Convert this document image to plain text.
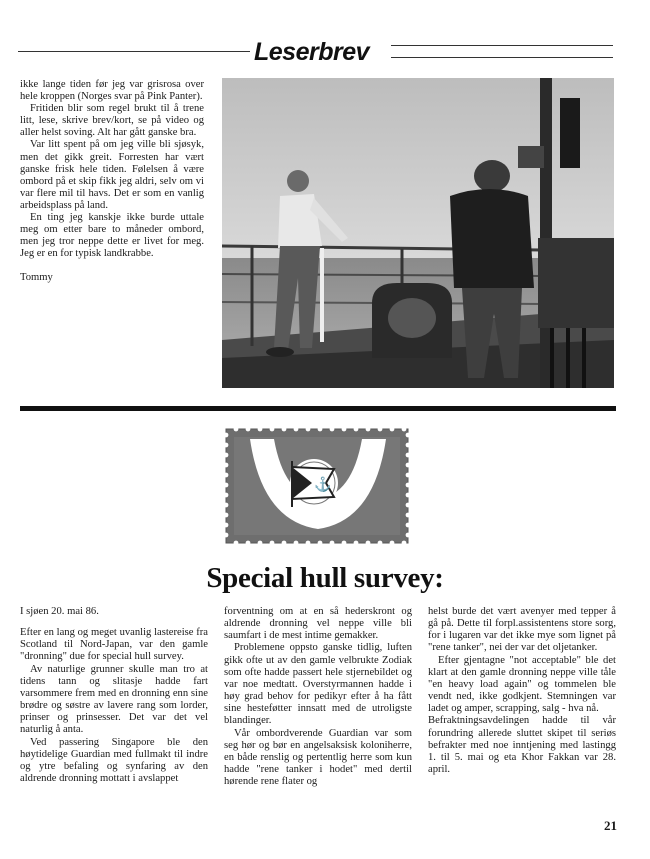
Leserbrev

ikke lange tiden før jeg var grisrosa over hele kroppen (Norges svar på Pink Panter).

Fritiden blir som regel brukt til å trene litt, lese, skrive brev/kort, se på video og aller helst soving. Alt har gått ganske bra.

Var litt spent på om jeg ville bli sjøsyk, men det gikk greit. Forresten har vært ganske frisk hele tiden. Følelsen å være ombord på et skip fikk jeg aldri, selv om vi var flere mil til havs. Det er som en vanlig arbeidsplass på land.

En ting jeg kanskje ikke burde uttale meg om etter bare to måneder ombord, men jeg tror neppe dette er livet for meg. Jeg er en for typisk landkrabbe.

Tommy

⚓
Special hull survey:

I sjøen 20. mai 86.

Efter en lang og meget uvanlig lastereise fra Scotland til Nord-Japan, var den gamle "dronning" due for special hull survey.

Av naturlige grunner skulle man tro at tidens tann og slitasje hadde fart varsommere frem med en dronning enn sine brødre og søstre av lavere rang som lorder, prinser og prinsesser. Det var det vel naturlig å anta.

Ved passering Singapore ble den høytidelige Guardian med fullmakt til indre og ytre befaling og synfaring av den aldrende dronning mottatt i avslappet

forventning om at en så hederskront og aldrende dronning vel neppe ville bli saumfart i de mest intime gemakker.

Problemene oppsto ganske tidlig, luften gikk ofte ut av den gamle velbrukte Zodiak som ofte hadde passert hele stjernebildet og var noe medtatt. Overstyrmannen hadde i høy grad behov for pedikyr efter å ha fått sine hesteføtter innsatt med de utroligste blandinger.

Vår ombordverende Guardian var som seg hør og bør en angelsaksisk koloniherre, en både renslig og pertentlig herre som kun hadde "rene tanker i hodet" med dertil hørende rene flater og

helst burde det vært avenyer med tepper å gå på. Dette til forpl.assistentens store sorg, for i lugaren var det ikke mye som lignet på "rene tanker", nei der var det oljetanker.

Efter gjentagne "not acceptable" ble det klart at den gamle dronning neppe ville tåle "en heavy load again" og tommelen ble vendt ned, ikke godkjent. Stemningen var ladet og amper, scrapping, salg - hva nå.

Befraktningsavdelingen hadde til vår forundring allerede sluttet skipet til seriøs befrakter med noe inntjening med lastingg 1. til 5. mai og eta Khor Fakkan var 28. april.

21
